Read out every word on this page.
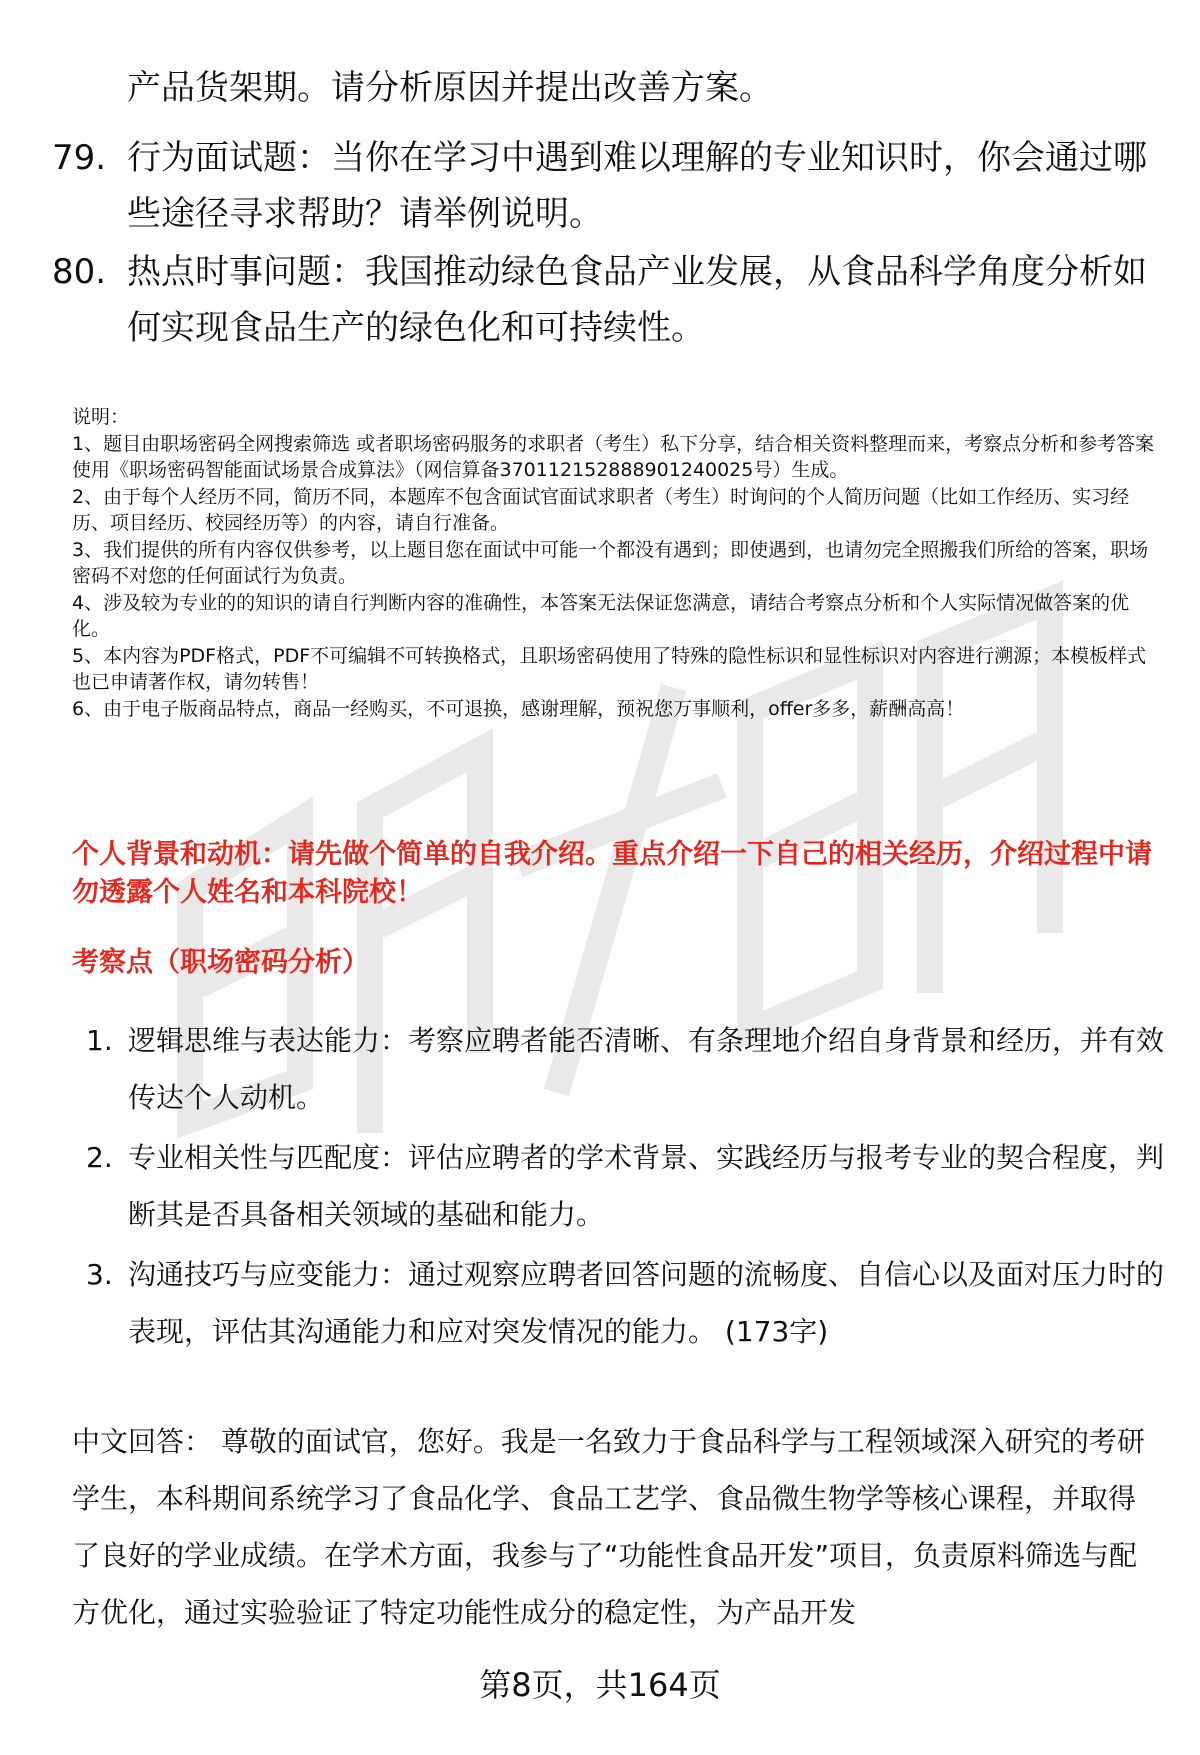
产品货架期。请分析原因并提出改善方案。
79. 行为面试题：当你在学习中遇到难以理解的专业知识时，你会通过哪些途径寻求帮助？请举例说明。
80. 热点时事问题：我国推动绿色食品产业发展，从食品科学角度分析如何实现食品生产的绿色化和可持续性。
说明：
1、题目由职场密码全网搜索筛选 或者职场密码服务的求职者（考生）私下分享，结合相关资料整理而来，考察点分析和参考答案使用《职场密码智能面试场景合成算法》（网信算备370112152888901240025号）生成。
2、由于每个人经历不同，简历不同，本题库不包含面试官面试求职者（考生）时询问的个人简历问题（比如工作经历、实习经历、项目经历、校园经历等）的内容，请自行准备。
3、我们提供的所有内容仅供参考，以上题目您在面试中可能一个都没有遇到；即使遇到，也请勿完全照搬我们所给的答案，职场密码不对您的任何面试行为负责。
4、涉及较为专业的的知识的请自行判断内容的准确性，本答案无法保证您满意，请结合考察点分析和个人实际情况做答案的优化。
5、本内容为PDF格式，PDF不可编辑不可转换格式，且职场密码使用了特殊的隐性标识和显性标识对内容进行溯源；本模板样式也已申请著作权，请勿转售！
6、由于电子版商品特点，商品一经购买，不可退换，感谢理解，预祝您万事顺利，offer多多，薪酬高高！
个人背景和动机：请先做个简单的自我介绍。重点介绍一下自己的相关经历，介绍过程中请勿透露个人姓名和本科院校！
考察点（职场密码分析）
1. 逻辑思维与表达能力：考察应聘者能否清晰、有条理地介绍自身背景和经历，并有效传达个人动机。
2. 专业相关性与匹配度：评估应聘者的学术背景、实践经历与报考专业的契合程度，判断其是否具备相关领域的基础和能力。
3. 沟通技巧与应变能力：通过观察应聘者回答问题的流畅度、自信心以及面对压力时的表现，评估其沟通能力和应对突发情况的能力。 (173字)
中文回答： 尊敬的面试官，您好。我是一名致力于食品科学与工程领域深入研究的考研学生，本科期间系统学习了食品化学、食品工艺学、食品微生物学等核心课程，并取得了良好的学业成绩。在学术方面，我参与了“功能性食品开发”项目，负责原料筛选与配方优化，通过实验验证了特定功能性成分的稳定性，为产品开发
第8页，共164页
